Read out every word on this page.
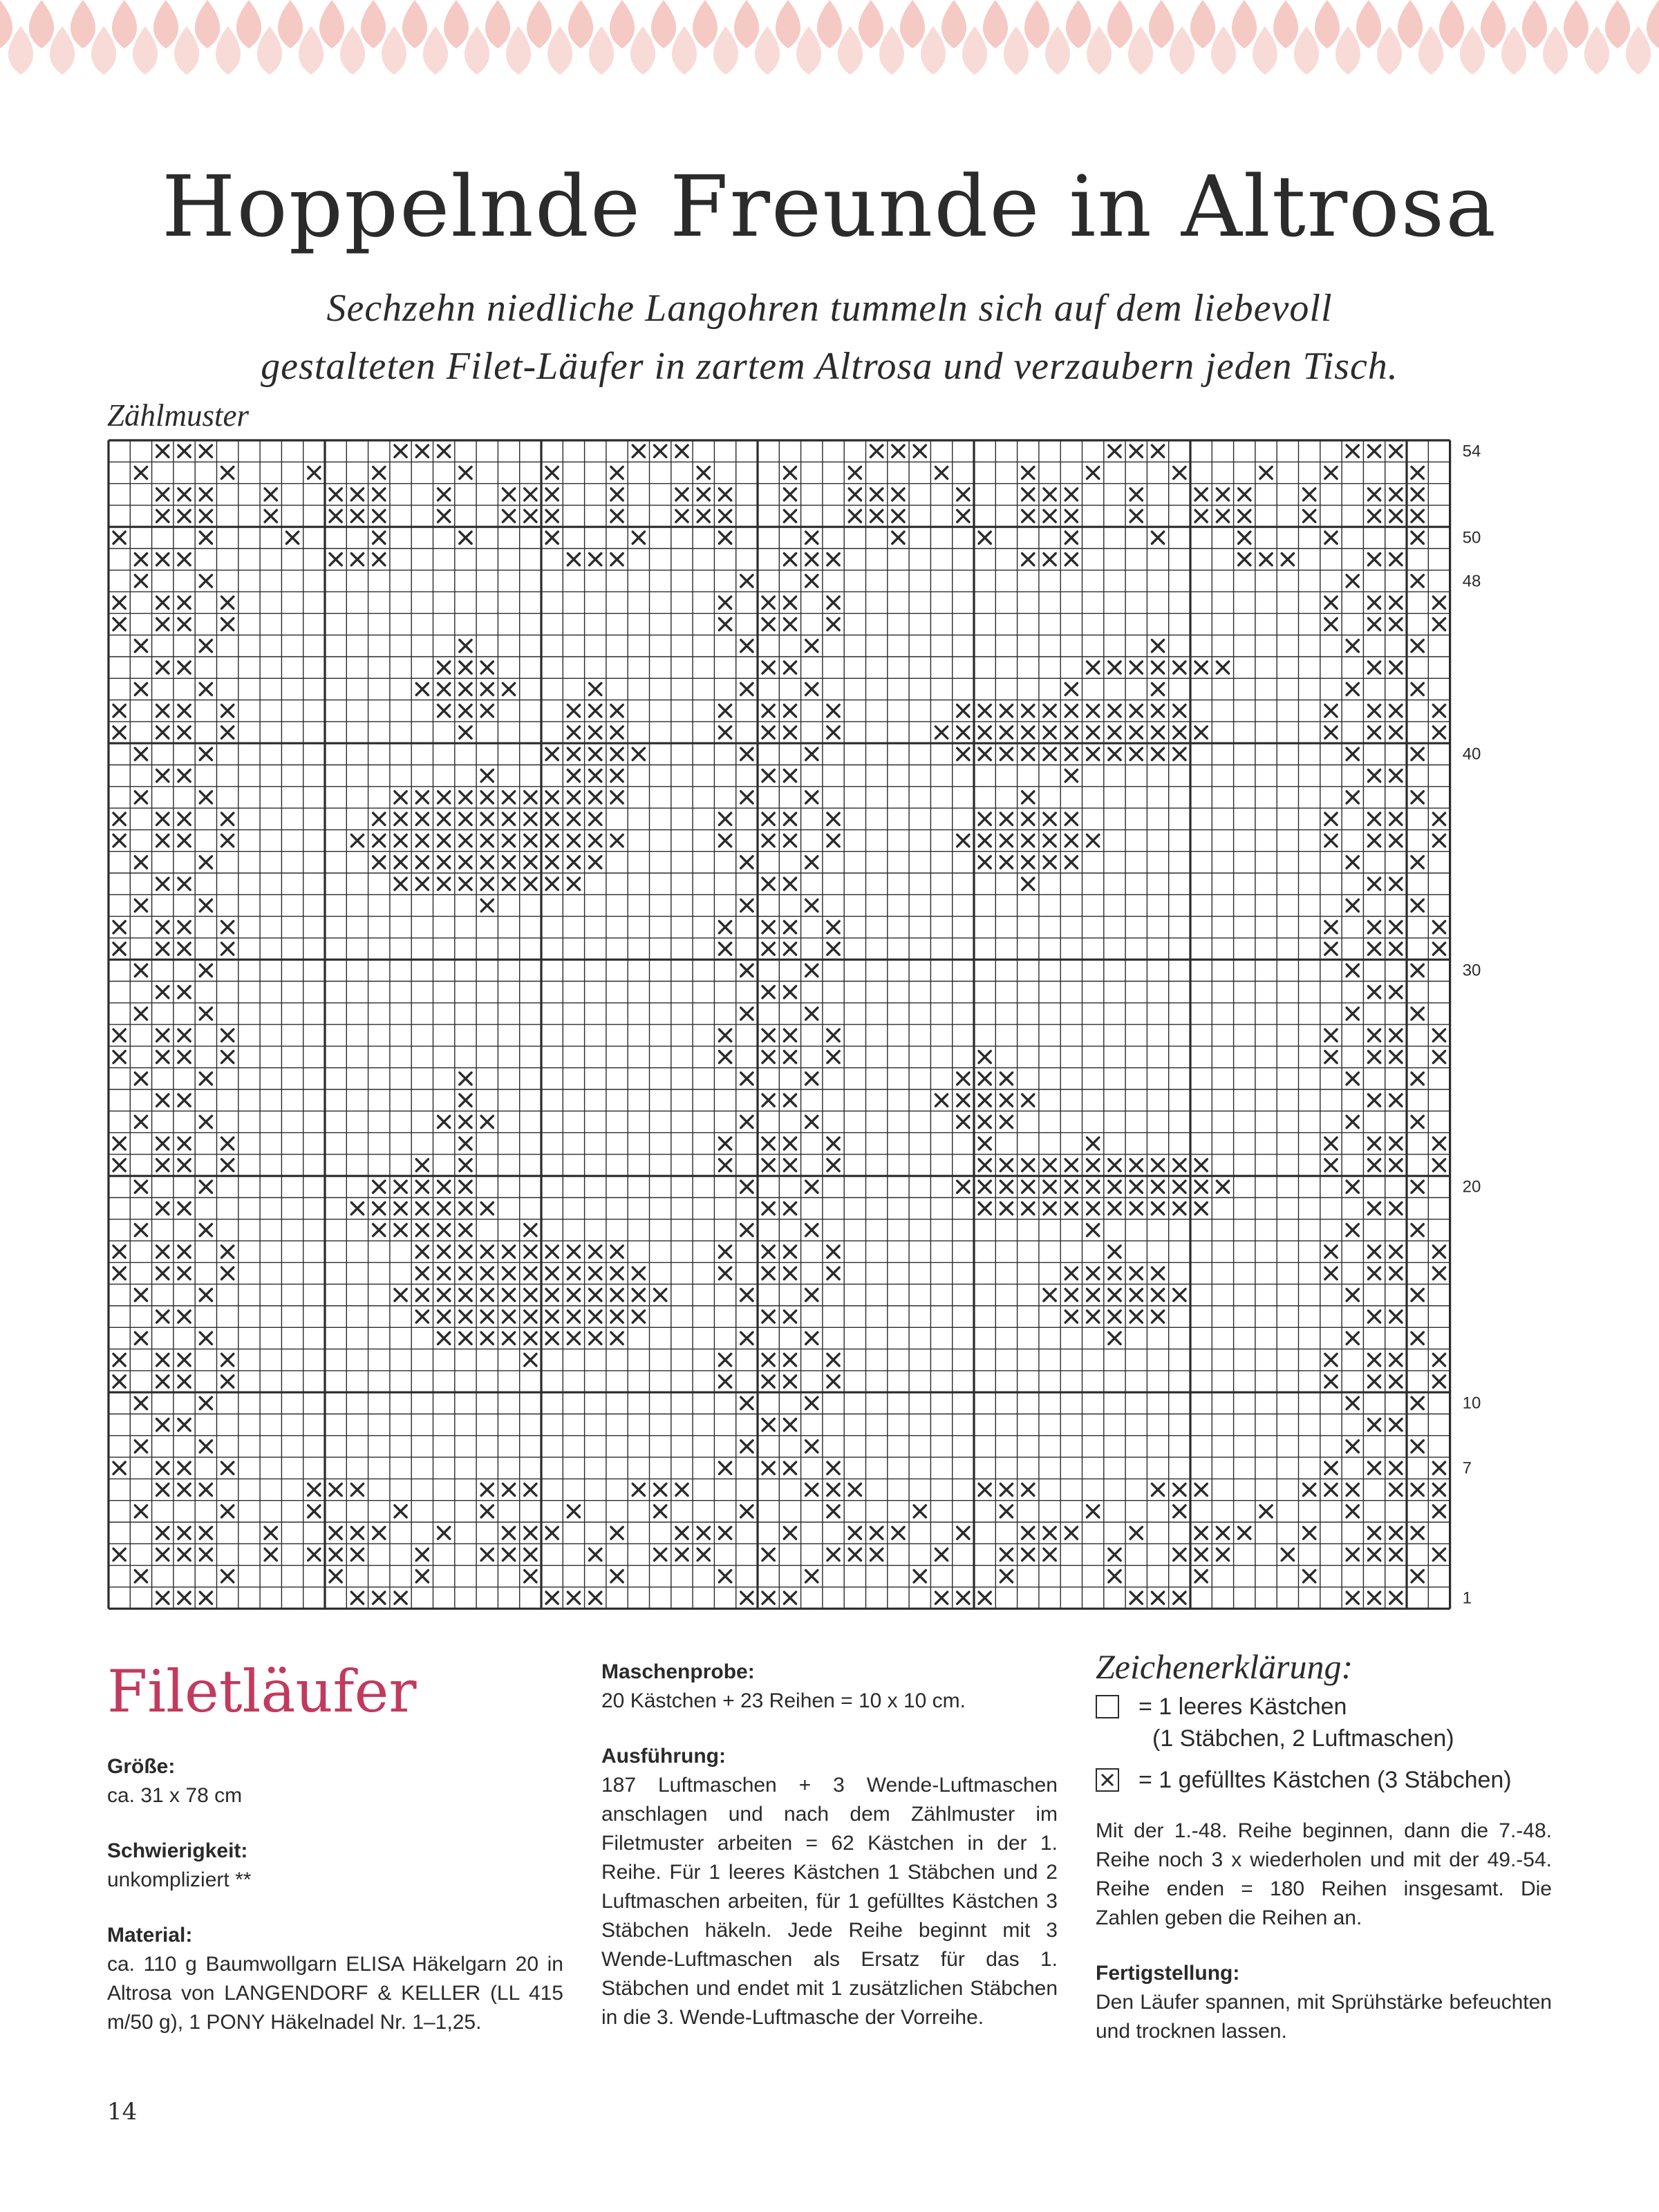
Hoppelnde Freunde in Altrosa
Sechzehn niedliche Langohren tummeln sich auf dem liebevoll
gestalteten Filet-Läufer in zartem Altrosa und verzaubern jeden Tisch.
Zählmuster
54
50
48
40
30
20
10
7
1
Filetläufer
Größe:
ca. 31 x 78 cm
Schwierigkeit:
unkompliziert **
Material:
ca. 110 g Baumwollgarn ELISA Häkelgarn 20 in Altrosa von LANGENDORF & KELLER (LL 415 m/50 g), 1 PONY Häkelnadel Nr. 1–1,25.
Maschenprobe:
20 Kästchen + 23 Reihen = 10 x 10 cm.
Ausführung:
187 Luftmaschen + 3 Wende-Luftmaschen anschlagen und nach dem Zählmuster im Filetmuster arbeiten = 62 Kästchen in der 1. Reihe. Für 1 leeres Kästchen 1 Stäbchen und 2 Luftmaschen arbeiten, für 1 gefülltes Kästchen 3 Stäbchen häkeln. Jede Reihe beginnt mit 3 Wende-Luftmaschen als Ersatz für das 1. Stäbchen und endet mit 1 zusätzlichen Stäbchen in die 3. Wende-Luftmasche der Vorreihe.
Zeichenerklärung:
= 1 leeres Kästchen
(1 Stäbchen, 2 Luftmaschen)
= 1 gefülltes Kästchen (3 Stäbchen)
Mit der 1.-48. Reihe beginnen, dann die 7.-48. Reihe noch 3 x wiederholen und mit der 49.-54. Reihe enden = 180 Reihen insgesamt. Die Zahlen geben die Reihen an.
Fertigstellung:
Den Läufer spannen, mit Sprühstärke befeuchten und trocknen lassen.
14
